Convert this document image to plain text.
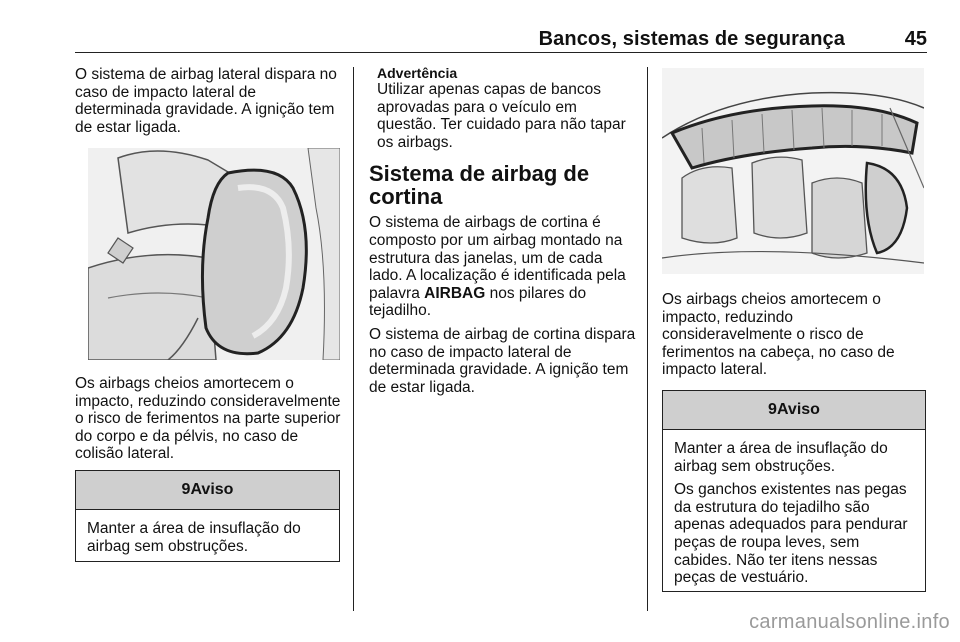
Bancos, sistemas de segurança	45

O sistema de airbag lateral dispara no caso de impacto lateral de determinada gravidade. A ignição tem de estar ligada.

Os airbags cheios amortecem o impacto, reduzindo consideravelmente o risco de ferimentos na parte superior do corpo e da pélvis, no caso de colisão lateral.

9 Aviso

Manter a área de insuflação do airbag sem obstruções.

Advertência
Utilizar apenas capas de bancos aprovadas para o veículo em questão. Ter cuidado para não tapar os airbags.
Sistema de airbag de cortina

O sistema de airbags de cortina é composto por um airbag montado na estrutura das janelas, um de cada lado. A localização é identificada pela palavra AIRBAG nos pilares do tejadilho.

O sistema de airbag de cortina dispara no caso de impacto lateral de determinada gravidade. A ignição tem de estar ligada.

Os airbags cheios amortecem o impacto, reduzindo consideravelmente o risco de ferimentos na cabeça, no caso de impacto lateral.

9 Aviso

Manter a área de insuflação do airbag sem obstruções.

Os ganchos existentes nas pegas da estrutura do tejadilho são apenas adequados para pendurar peças de roupa leves, sem cabides. Não ter itens nessas peças de vestuário.

carmanualsonline.info
